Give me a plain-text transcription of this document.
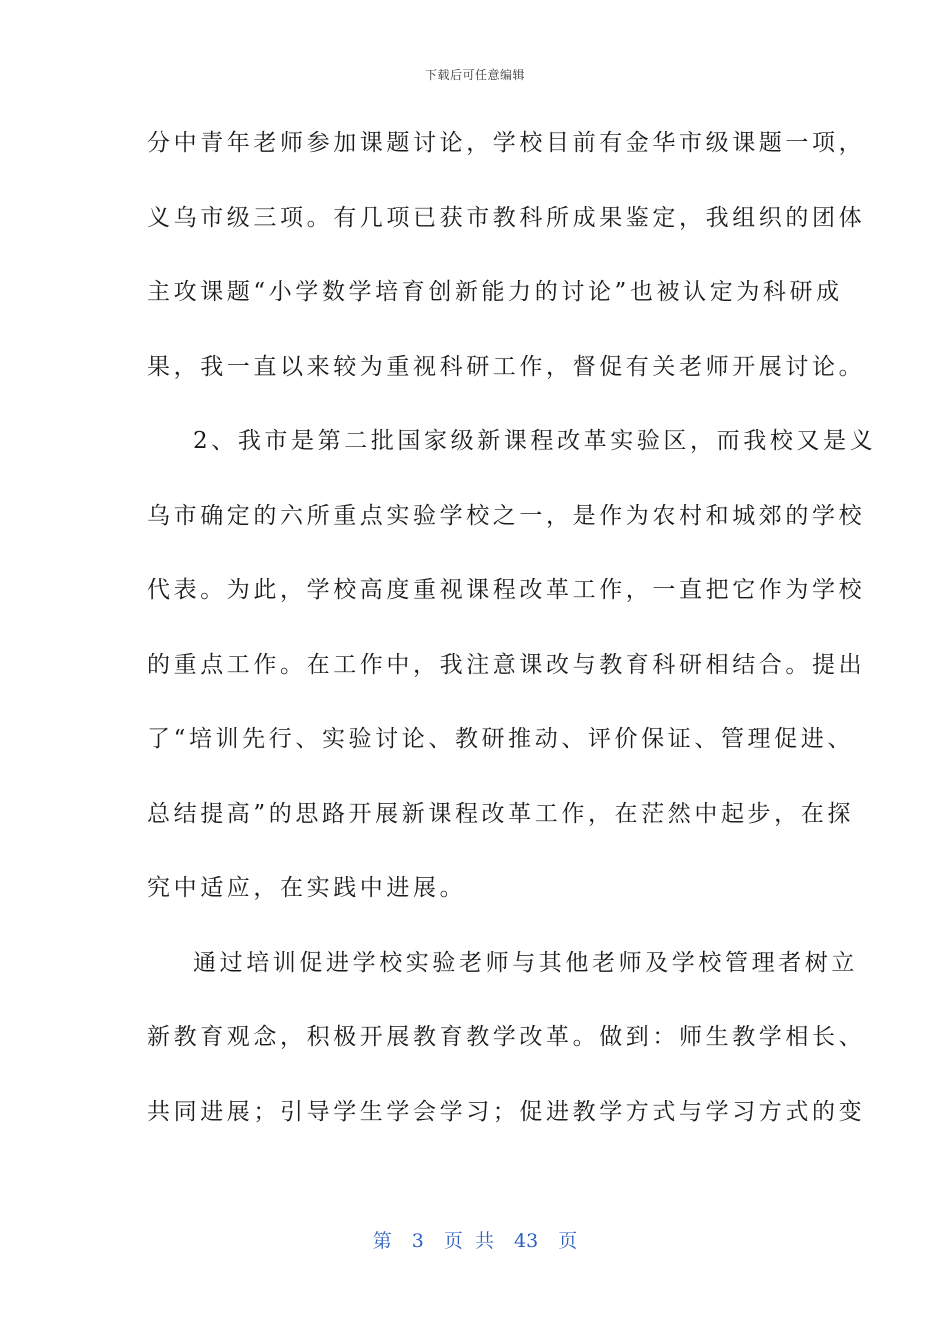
下载后可任意编辑
分中青年老师参加课题讨论，学校目前有金华市级课题一项，
义乌市级三项。有几项已获市教科所成果鉴定，我组织的团体
主攻课题“小学数学培育创新能力的讨论”也被认定为科研成
果，我一直以来较为重视科研工作，督促有关老师开展讨论。
2、我市是第二批国家级新课程改革实验区，而我校又是义
乌市确定的六所重点实验学校之一，是作为农村和城郊的学校
代表。为此，学校高度重视课程改革工作，一直把它作为学校
的重点工作。在工作中，我注意课改与教育科研相结合。提出
了“培训先行、实验讨论、教研推动、评价保证、管理促进、
总结提高”的思路开展新课程改革工作，在茫然中起步，在探
究中适应，在实践中进展。
通过培训促进学校实验老师与其他老师及学校管理者树立
新教育观念，积极开展教育教学改革。做到：师生教学相长、
共同进展；引导学生学会学习；促进教学方式与学习方式的变
第 3 页 共 43 页
